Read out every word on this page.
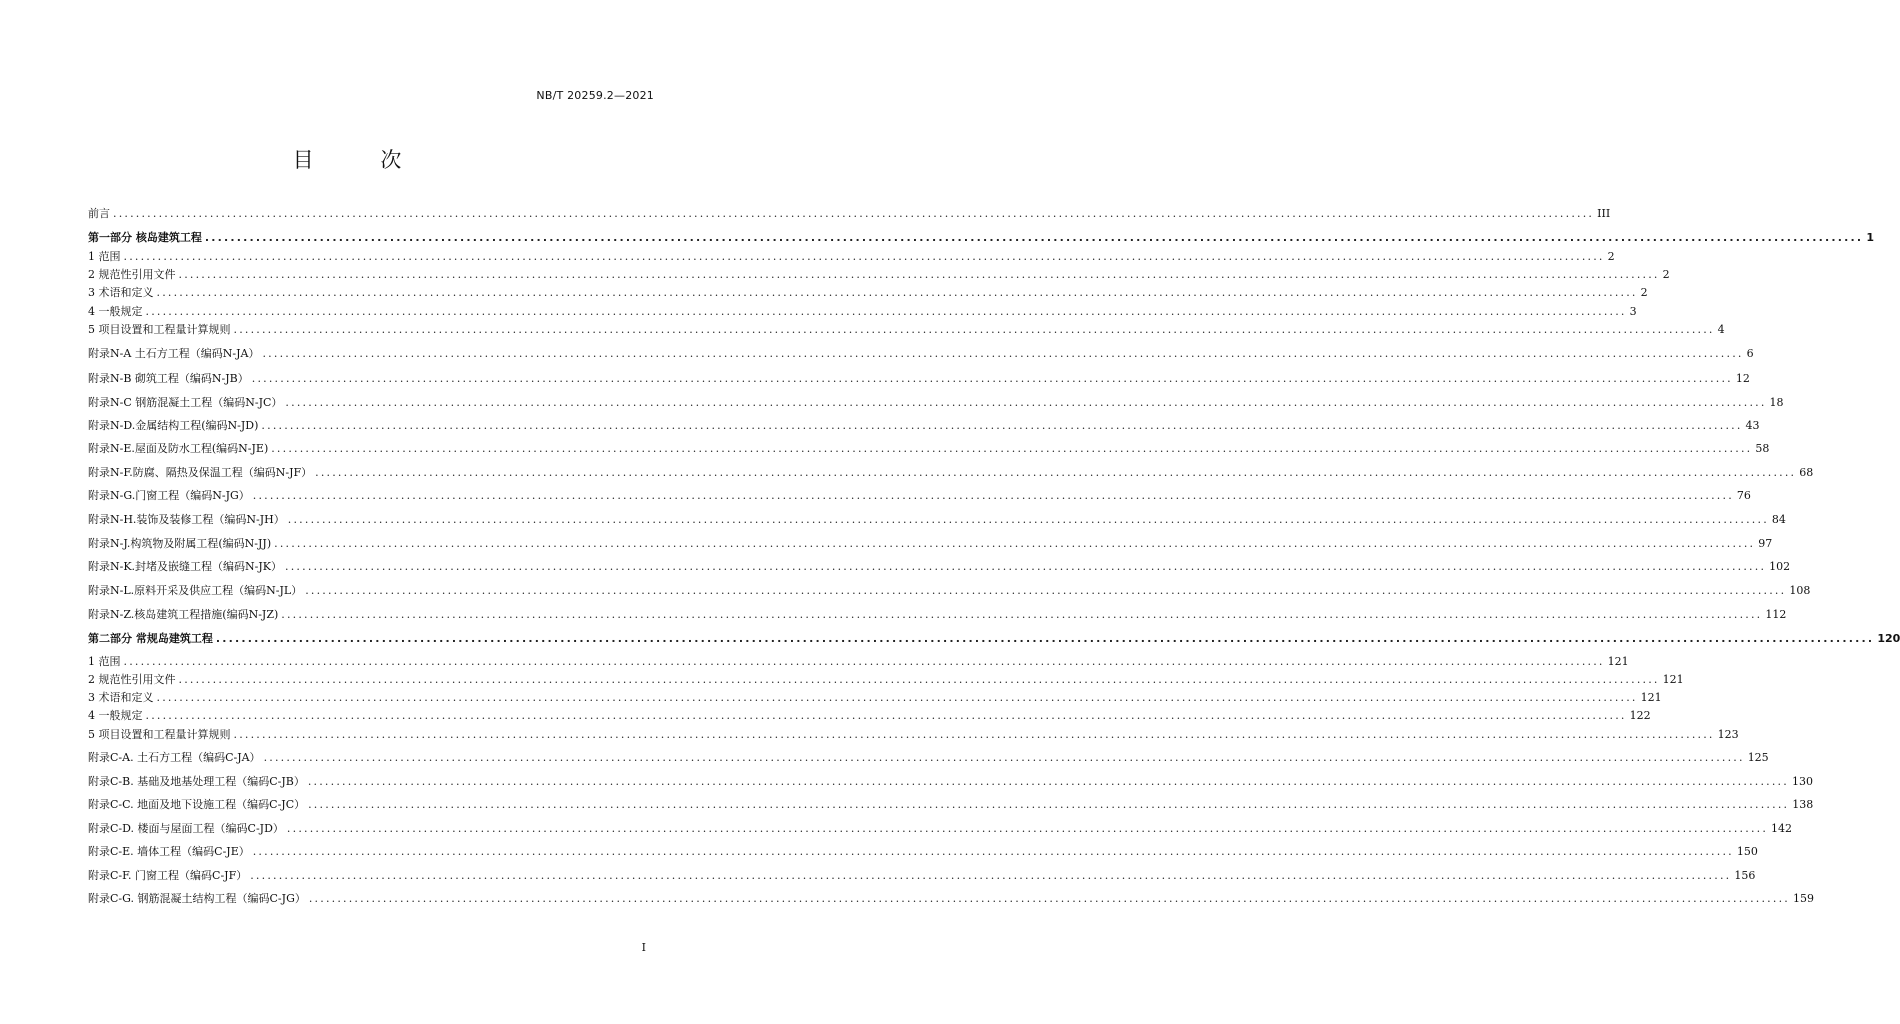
NB/T 20259.2—2021
目 次
前言 .................................................................................................................................................................................................................................................................... III
第一部分 核岛建筑工程 .................................................................................................................................................................................................................................................................... 1
1 范围 .................................................................................................................................................................................................................................................................... 2
2 规范性引用文件 .................................................................................................................................................................................................................................................................... 2
3 术语和定义 .................................................................................................................................................................................................................................................................... 2
4 一般规定 .................................................................................................................................................................................................................................................................... 3
5 项目设置和工程量计算规则 .................................................................................................................................................................................................................................................................... 4
附录N-A 土石方工程（编码N-JA） .................................................................................................................................................................................................................................................................... 6
附录N-B 砌筑工程（编码N-JB） .................................................................................................................................................................................................................................................................... 12
附录N-C 钢筋混凝土工程（编码N-JC） .................................................................................................................................................................................................................................................................... 18
附录N-D.金属结构工程(编码N-JD) .................................................................................................................................................................................................................................................................... 43
附录N-E.屋面及防水工程(编码N-JE) .................................................................................................................................................................................................................................................................... 58
附录N-F.防腐、隔热及保温工程（编码N-JF） .................................................................................................................................................................................................................................................................... 68
附录N-G.门窗工程（编码N-JG） .................................................................................................................................................................................................................................................................... 76
附录N-H.装饰及装修工程（编码N-JH） .................................................................................................................................................................................................................................................................... 84
附录N-J.构筑物及附属工程(编码N-JJ) .................................................................................................................................................................................................................................................................... 97
附录N-K.封堵及嵌缝工程（编码N-JK） .................................................................................................................................................................................................................................................................... 102
附录N-L.原料开采及供应工程（编码N-JL） .................................................................................................................................................................................................................................................................... 108
附录N-Z.核岛建筑工程措施(编码N-JZ) .................................................................................................................................................................................................................................................................... 112
第二部分 常规岛建筑工程 .................................................................................................................................................................................................................................................................... 120
1 范围 .................................................................................................................................................................................................................................................................... 121
2 规范性引用文件 .................................................................................................................................................................................................................................................................... 121
3 术语和定义 .................................................................................................................................................................................................................................................................... 121
4 一般规定 .................................................................................................................................................................................................................................................................... 122
5 项目设置和工程量计算规则 .................................................................................................................................................................................................................................................................... 123
附录C-A. 土石方工程（编码C-JA） .................................................................................................................................................................................................................................................................... 125
附录C-B. 基础及地基处理工程（编码C-JB） .................................................................................................................................................................................................................................................................... 130
附录C-C. 地面及地下设施工程（编码C-JC） .................................................................................................................................................................................................................................................................... 138
附录C-D. 楼面与屋面工程（编码C-JD） .................................................................................................................................................................................................................................................................... 142
附录C-E. 墙体工程（编码C-JE） .................................................................................................................................................................................................................................................................... 150
附录C-F. 门窗工程（编码C-JF） .................................................................................................................................................................................................................................................................... 156
附录C-G. 钢筋混凝土结构工程（编码C-JG） .................................................................................................................................................................................................................................................................... 159
I
